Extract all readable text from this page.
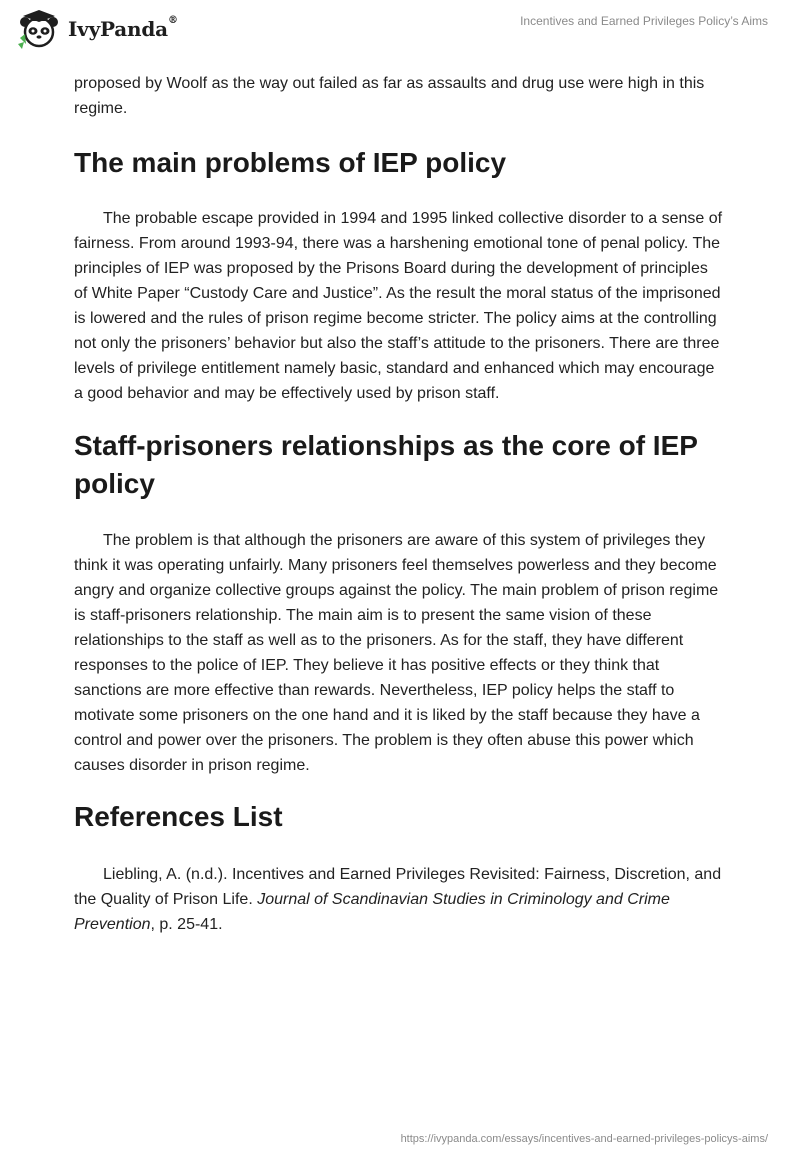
IvyPanda®	Incentives and Earned Privileges Policy’s Aims

proposed by Woolf as the way out failed as far as assaults and drug use were high in this regime.

The main problems of IEP policy

The probable escape provided in 1994 and 1995 linked collective disorder to a sense of fairness. From around 1993-94, there was a harshening emotional tone of penal policy. The principles of IEP was proposed by the Prisons Board during the development of principles of White Paper “Custody Care and Justice”. As the result the moral status of the imprisoned is lowered and the rules of prison regime become stricter. The policy aims at the controlling not only the prisoners’ behavior but also the staff’s attitude to the prisoners. There are three levels of privilege entitlement namely basic, standard and enhanced which may encourage a good behavior and may be effectively used by prison staff.

Staff-prisoners relationships as the core of IEP policy

The problem is that although the prisoners are aware of this system of privileges they think it was operating unfairly. Many prisoners feel themselves powerless and they become angry and organize collective groups against the policy. The main problem of prison regime is staff-prisoners relationship. The main aim is to present the same vision of these relationships to the staff as well as to the prisoners. As for the staff, they have different responses to the police of IEP. They believe it has positive effects or they think that sanctions are more effective than rewards. Nevertheless, IEP policy helps the staff to motivate some prisoners on the one hand and it is liked by the staff because they have a control and power over the prisoners. The problem is they often abuse this power which causes disorder in prison regime.

References List

Liebling, A. (n.d.). Incentives and Earned Privileges Revisited: Fairness, Discretion, and the Quality of Prison Life. Journal of Scandinavian Studies in Criminology and Crime Prevention, p. 25-41.

https://ivypanda.com/essays/incentives-and-earned-privileges-policys-aims/
